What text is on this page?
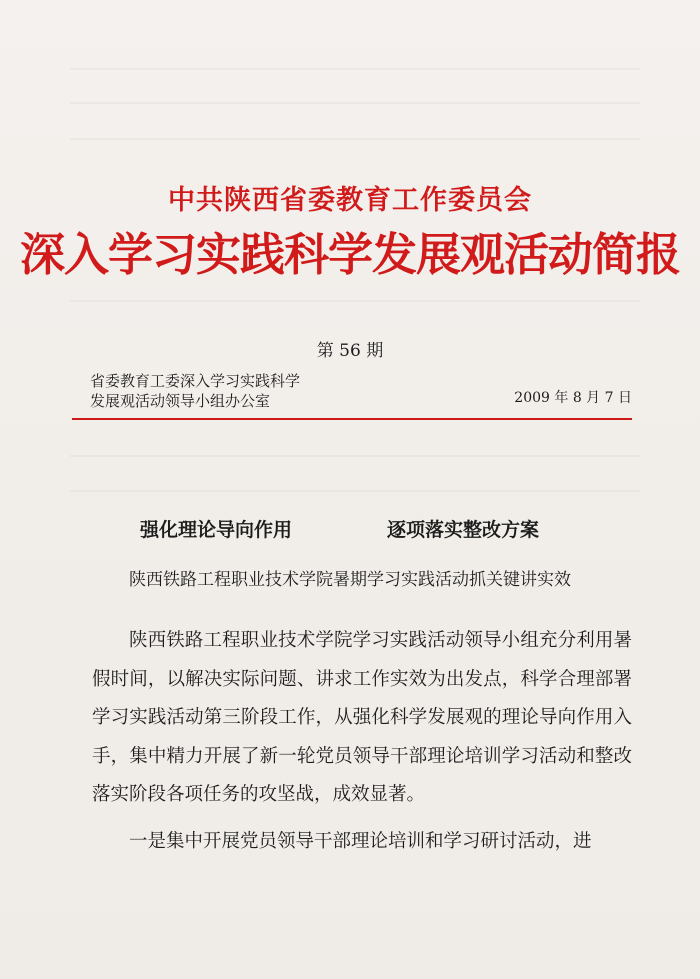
中共陕西省委教育工作委员会
深入学习实践科学发展观活动简报
第 56 期
省委教育工委深入学习实践科学
发展观活动领导小组办公室	2009 年 8 月 7 日
强化理论导向作用	逐项落实整改方案
陕西铁路工程职业技术学院暑期学习实践活动抓关键讲实效

陕西铁路工程职业技术学院学习实践活动领导小组充分利用暑假时间，以解决实际问题、讲求工作实效为出发点，科学合理部署学习实践活动第三阶段工作，从强化科学发展观的理论导向作用入手，集中精力开展了新一轮党员领导干部理论培训学习活动和整改落实阶段各项任务的攻坚战，成效显著。

一是集中开展党员领导干部理论培训和学习研讨活动，进
